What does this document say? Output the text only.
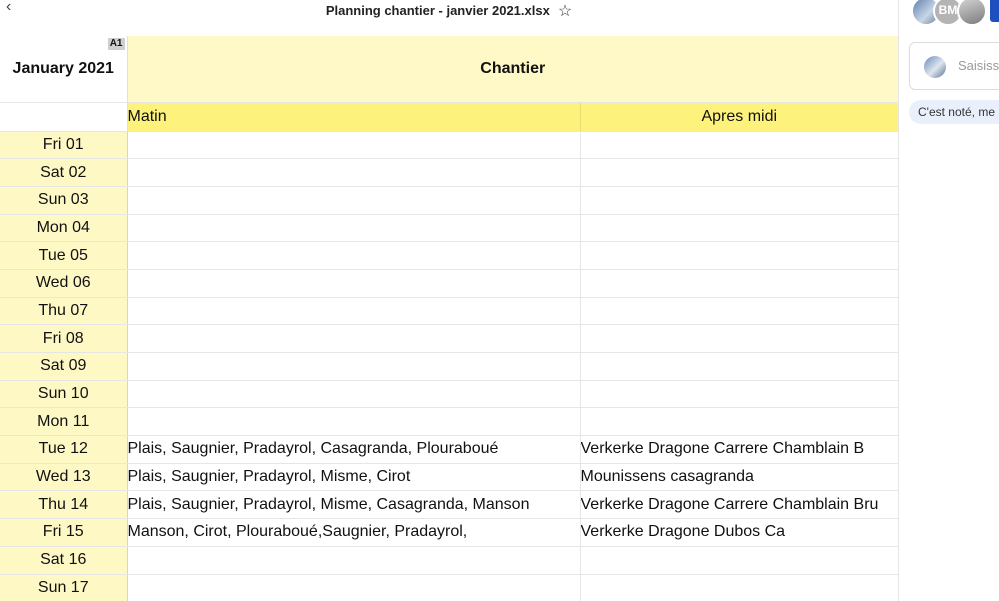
‹	Planning chantier - janvier 2021.xlsx ☆
A1
January 2021	Chantier	
	Matin	Apres midi
Fri 01		
Sat 02		
Sun 03		
Mon 04		
Tue 05		
Wed 06		
Thu 07		
Fri 08		
Sat 09		
Sun 10		
Mon 11		
Tue 12	Plais, Saugnier, Pradayrol, Casagranda, Plouraboué	Verkerke Dragone Carrere Chamblain B
Wed 13	Plais, Saugnier, Pradayrol, Misme, Cirot	Mounissens casagranda
Thu 14	Plais, Saugnier, Pradayrol, Misme, Casagranda, Manson	Verkerke Dragone Carrere Chamblain Bru
Fri 15	Manson, Cirot, Plouraboué,Saugnier, Pradayrol,	Verkerke Dragone Dubos Ca
Sat 16		
Sun 17		

BM
Saisissez
C'est noté, me
